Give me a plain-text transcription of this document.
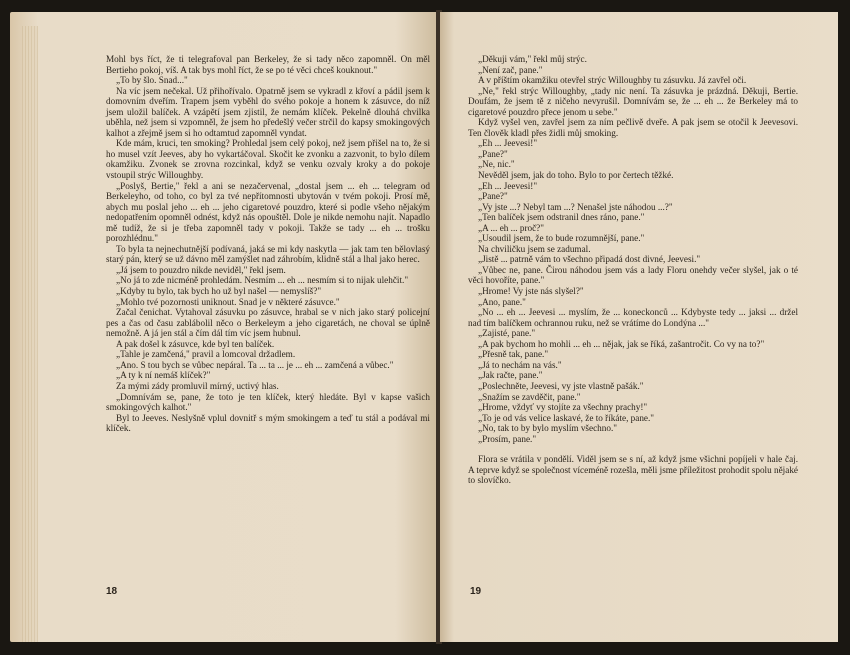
Mohl bys říct, že ti telegrafoval pan Berkeley, že si tady něco zapomněl. On měl Bertieho pokoj, víš. A tak bys mohl říct, že se po té věci chceš kouknout."

„To by šlo. Snad..."

Na víc jsem nečekal. Už přihořívalo. Opatrně jsem se vykradl z křoví a pádil jsem k domovním dveřím. Trapem jsem vyběhl do svého pokoje a honem k zásuvce, do níž jsem uložil balíček. A vzápětí jsem zjistil, že nemám klíček. Pekelně dlouhá chvilka uběhla, než jsem si vzpomněl, že jsem ho předešlý večer strčil do kapsy smokingových kalhot a zřejmě jsem si ho odtamtud zapomněl vyndat.

Kde mám, kruci, ten smoking? Prohledal jsem celý pokoj, než jsem přišel na to, že si ho musel vzít Jeeves, aby ho vykartáčoval. Skočit ke zvonku a zazvonit, to bylo dílem okamžiku. Zvonek se zrovna rozcinkal, když se venku ozvaly kroky a do pokoje vstoupil strýc Willoughby.

„Poslyš, Bertie," řekl a ani se nezačervenal, „dostal jsem ... eh ... telegram od Berkeleyho, od toho, co byl za tvé nepřítomnosti ubytován v tvém pokoji. Prosí mě, abych mu poslal jeho ... eh ... jeho cigaretové pouzdro, které si podle všeho nějakým nedopatřením opomněl odnést, když nás opouštěl. Dole je nikde nemohu najít. Napadlo mě tudíž, že si je třeba zapomněl tady v pokoji. Takže se tady ... eh ... trošku porozhlédnu."

To byla ta nejnechutnější podívaná, jaká se mi kdy naskytla — jak tam ten bělovlasý starý pán, který se už dávno měl zamýšlet nad záhrobím, klidně stál a lhal jako herec.

„Já jsem to pouzdro nikde neviděl," řekl jsem.

„No já to zde nicméně prohledám. Nesmím ... eh ... nesmím si to nijak ulehčit."

„Kdyby tu bylo, tak bych ho už byl našel — nemyslíš?"

„Mohlo tvé pozornosti uniknout. Snad je v některé zásuvce."

Začal čenichat. Vytahoval zásuvku po zásuvce, hrabal se v nich jako starý policejní pes a čas od času zablábolil něco o Berkeleym a jeho cigaretách, ne choval se úplně nemožně. A já jen stál a čím dál tím víc jsem hubnul.

A pak došel k zásuvce, kde byl ten balíček.

„Tahle je zamčená," pravil a lomcoval držadlem.

„Ano. S tou bych se vůbec nepáral. Ta ... ta ... je ... eh ... zamčená a vůbec."

„A ty k ní nemáš klíček?"

Za mými zády promluvil mírný, uctivý hlas.

„Domnívám se, pane, že toto je ten klíček, který hledáte. Byl v kapse vašich smokingových kalhot."

Byl to Jeeves. Neslyšně vplul dovnitř s mým smokingem a teď tu stál a podával mi klíček.

18

„Děkuji vám," řekl můj strýc.

„Není zač, pane."

A v příštím okamžiku otevřel strýc Willoughby tu zásuvku. Já zavřel oči.

„Ne," řekl strýc Willoughby, „tady nic není. Ta zásuvka je prázdná. Děkuji, Bertie. Doufám, že jsem tě z ničeho nevyrušil. Domnívám se, že ... eh ... že Berkeley má to cigaretové pouzdro přece jenom u sebe."

Když vyšel ven, zavřel jsem za ním pečlivě dveře. A pak jsem se otočil k Jeevesovi. Ten člověk kladl přes židli můj smoking.

„Eh ... Jeevesi!"

„Pane?"

„Ne, nic."

Nevěděl jsem, jak do toho. Bylo to por čertech těžké.

„Eh ... Jeevesi!"

„Pane?"

„Vy jste ...? Nebyl tam ...? Nenašel jste náhodou ...?"

„Ten balíček jsem odstranil dnes ráno, pane."

„A ... eh ... proč?"

„Usoudil jsem, že to bude rozumnější, pane."

Na chviličku jsem se zadumal.

„Jistě ... patrně vám to všechno připadá dost divné, Jeevesi."

„Vůbec ne, pane. Čirou náhodou jsem vás a lady Floru onehdy večer slyšel, jak o té věci hovoříte, pane."

„Hrome! Vy jste nás slyšel?"

„Ano, pane."

„No ... eh ... Jeevesi ... myslím, že ... koneckonců ... Kdybyste tedy ... jaksi ... držel nad tím balíčkem ochrannou ruku, než se vrátíme do Londýna ..."

„Zajisté, pane."

„A pak bychom ho mohli ... eh ... nějak, jak se říká, zašantročit. Co vy na to?"

„Přesně tak, pane."

„Já to nechám na vás."

„Jak račte, pane."

„Poslechněte, Jeevesi, vy jste vlastně pašák."

„Snažím se zavděčit, pane."

„Hrome, vždyť vy stojíte za všechny prachy!"

„To je od vás velice laskavé, že to říkáte, pane."

„No, tak to by bylo myslím všechno."

„Prosím, pane."

Flora se vrátila v pondělí. Viděl jsem se s ní, až když jsme všichni popíjeli v hale čaj. A teprve když se společnost víceméně rozešla, měli jsme příležitost prohodit spolu nějaké to slovíčko.

19
